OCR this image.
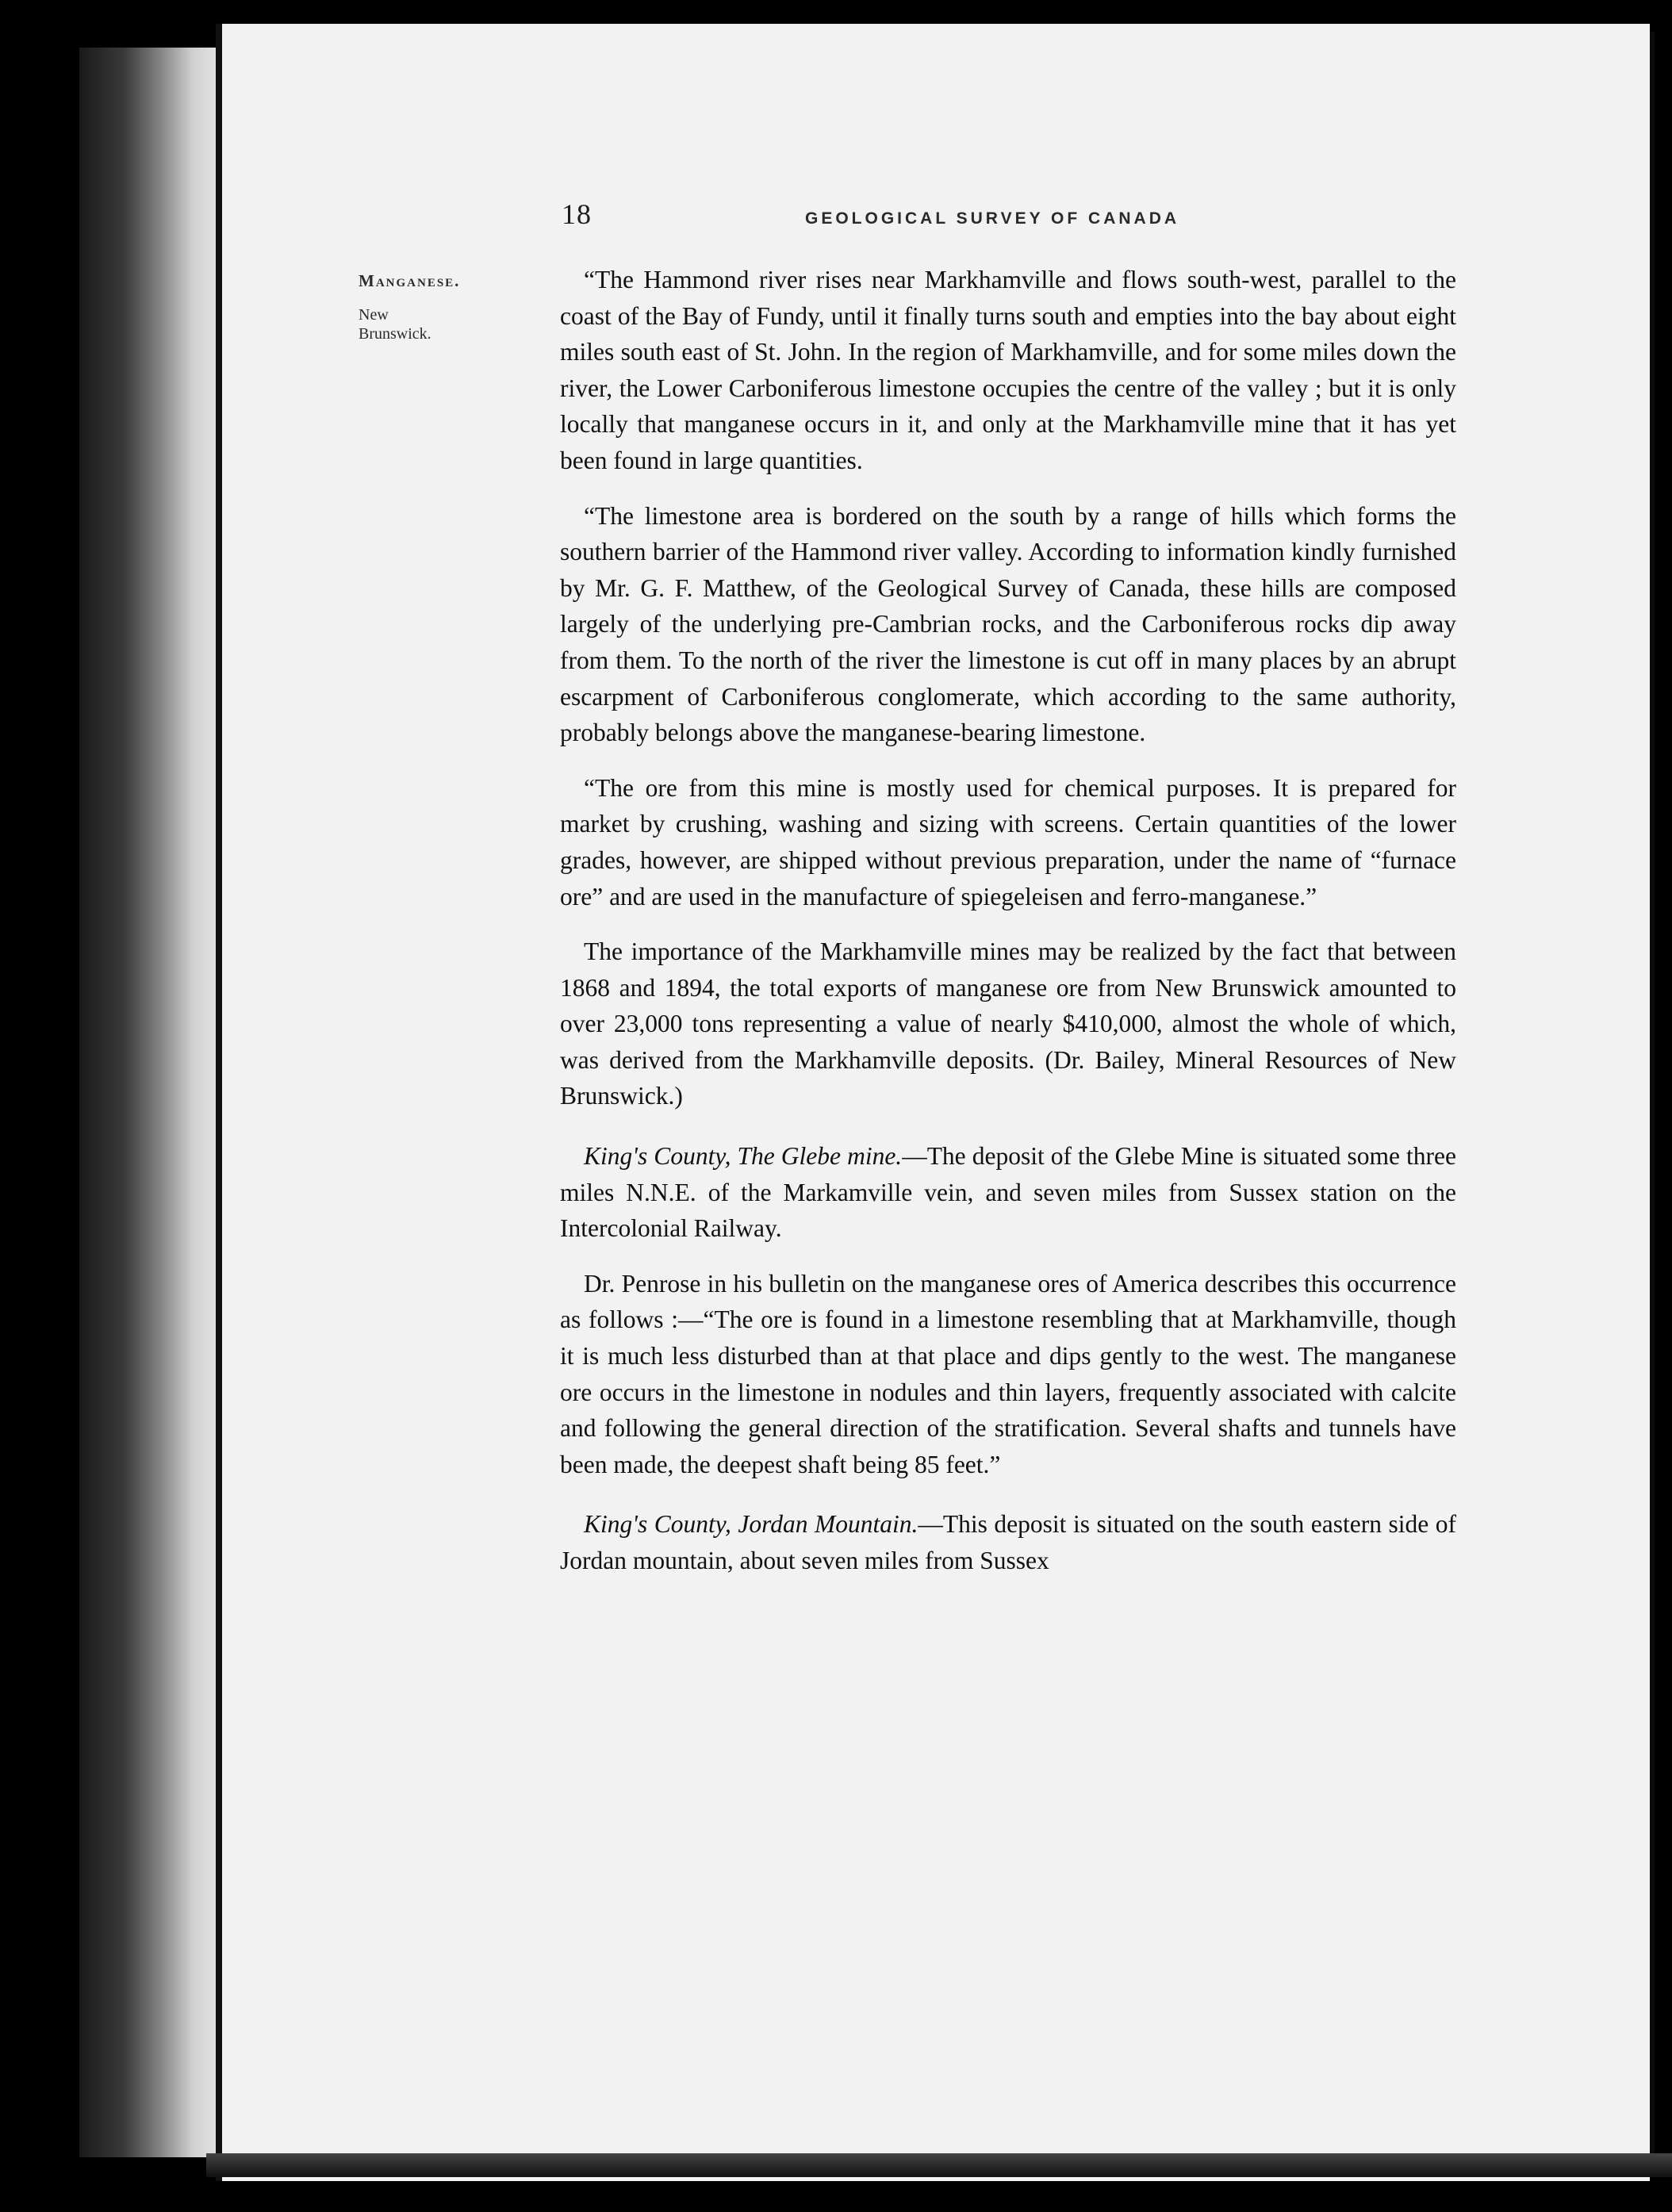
18	GEOLOGICAL SURVEY OF CANADA
Manganese.
New
Brunswick.

“The Hammond river rises near Markhamville and flows south-west, parallel to the coast of the Bay of Fundy, until it finally turns south and empties into the bay about eight miles south east of St. John. In the region of Markhamville, and for some miles down the river, the Lower Carboniferous limestone occupies the centre of the valley ; but it is only locally that manganese occurs in it, and only at the Markhamville mine that it has yet been found in large quantities.

“The limestone area is bordered on the south by a range of hills which forms the southern barrier of the Hammond river valley. According to information kindly furnished by Mr. G. F. Matthew, of the Geological Survey of Canada, these hills are composed largely of the underlying pre-Cambrian rocks, and the Carboniferous rocks dip away from them. To the north of the river the limestone is cut off in many places by an abrupt escarpment of Carboniferous conglomerate, which according to the same authority, probably belongs above the manganese-bearing limestone.

“The ore from this mine is mostly used for chemical purposes. It is prepared for market by crushing, washing and sizing with screens. Certain quantities of the lower grades, however, are shipped without previous preparation, under the name of “furnace ore” and are used in the manufacture of spiegeleisen and ferro-manganese.”

The importance of the Markhamville mines may be realized by the fact that between 1868 and 1894, the total exports of manganese ore from New Brunswick amounted to over 23,000 tons representing a value of nearly $410,000, almost the whole of which, was derived from the Markhamville deposits. (Dr. Bailey, Mineral Resources of New Brunswick.)

King's County, The Glebe mine.—The deposit of the Glebe Mine is situated some three miles N.N.E. of the Markamville vein, and seven miles from Sussex station on the Intercolonial Railway.

Dr. Penrose in his bulletin on the manganese ores of America describes this occurrence as follows :—“The ore is found in a limestone resembling that at Markhamville, though it is much less disturbed than at that place and dips gently to the west. The manganese ore occurs in the limestone in nodules and thin layers, frequently associated with calcite and following the general direction of the stratification. Several shafts and tunnels have been made, the deepest shaft being 85 feet.”

King's County, Jordan Mountain.—This deposit is situated on the south eastern side of Jordan mountain, about seven miles from Sussex
